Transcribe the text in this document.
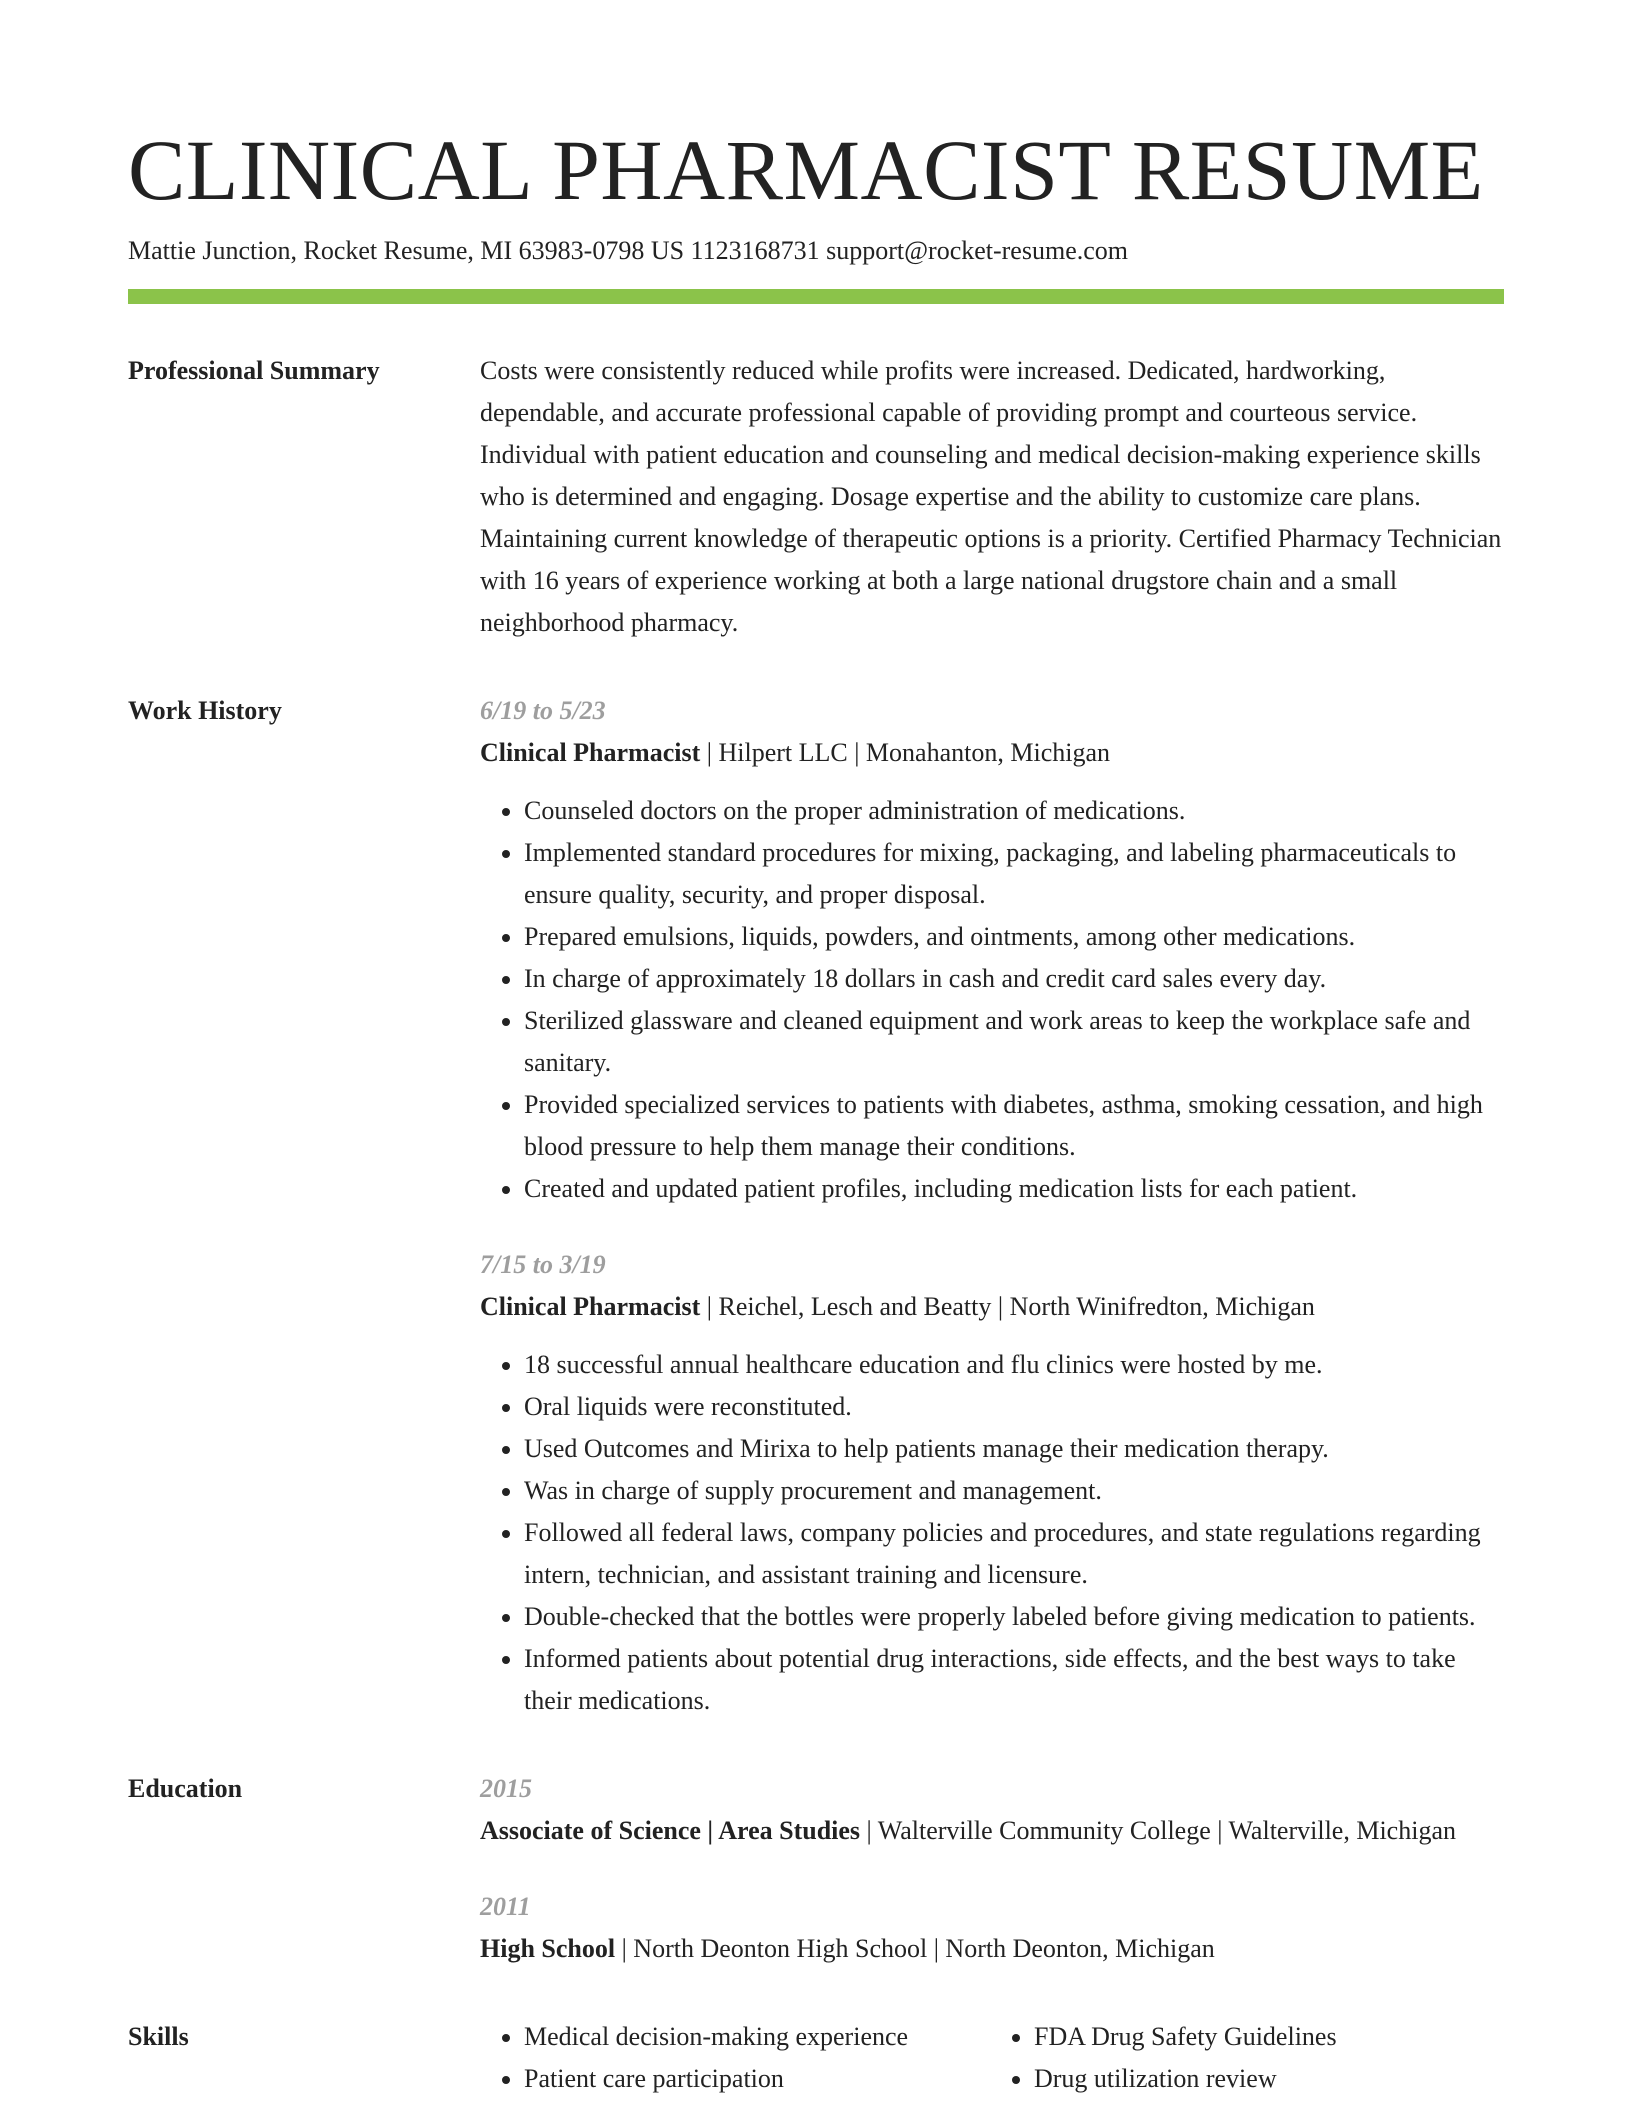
CLINICAL PHARMACIST RESUME
Mattie Junction, Rocket Resume, MI 63983-0798 US 1123168731 support@rocket-resume.com
Professional Summary	Costs were consistently reduced while profits were increased. Dedicated, hardworking, dependable, and accurate professional capable of providing prompt and courteous service. Individual with patient education and counseling and medical decision-making experience skills who is determined and engaging. Dosage expertise and the ability to customize care plans. Maintaining current knowledge of therapeutic options is a priority. Certified Pharmacy Technician with 16 years of experience working at both a large national drugstore chain and a small neighborhood pharmacy.

Work History	6/19 to 5/23
Clinical Pharmacist | Hilpert LLC | Monahanton, Michigan
• Counseled doctors on the proper administration of medications.
• Implemented standard procedures for mixing, packaging, and labeling pharmaceuticals to ensure quality, security, and proper disposal.
• Prepared emulsions, liquids, powders, and ointments, among other medications.
• In charge of approximately 18 dollars in cash and credit card sales every day.
• Sterilized glassware and cleaned equipment and work areas to keep the workplace safe and sanitary.
• Provided specialized services to patients with diabetes, asthma, smoking cessation, and high blood pressure to help them manage their conditions.
• Created and updated patient profiles, including medication lists for each patient.
7/15 to 3/19
Clinical Pharmacist | Reichel, Lesch and Beatty | North Winifredton, Michigan
• 18 successful annual healthcare education and flu clinics were hosted by me.
• Oral liquids were reconstituted.
• Used Outcomes and Mirixa to help patients manage their medication therapy.
• Was in charge of supply procurement and management.
• Followed all federal laws, company policies and procedures, and state regulations regarding intern, technician, and assistant training and licensure.
• Double-checked that the bottles were properly labeled before giving medication to patients.
• Informed patients about potential drug interactions, side effects, and the best ways to take their medications.
Education	2015
Associate of Science | Area Studies | Walterville Community College | Walterville, Michigan
2011
High School | North Deonton High School | North Deonton, Michigan
Skills
•	Medical decision-making experience
• Patient care participation
• FDA Drug Safety Guidelines
• Drug utilization review
